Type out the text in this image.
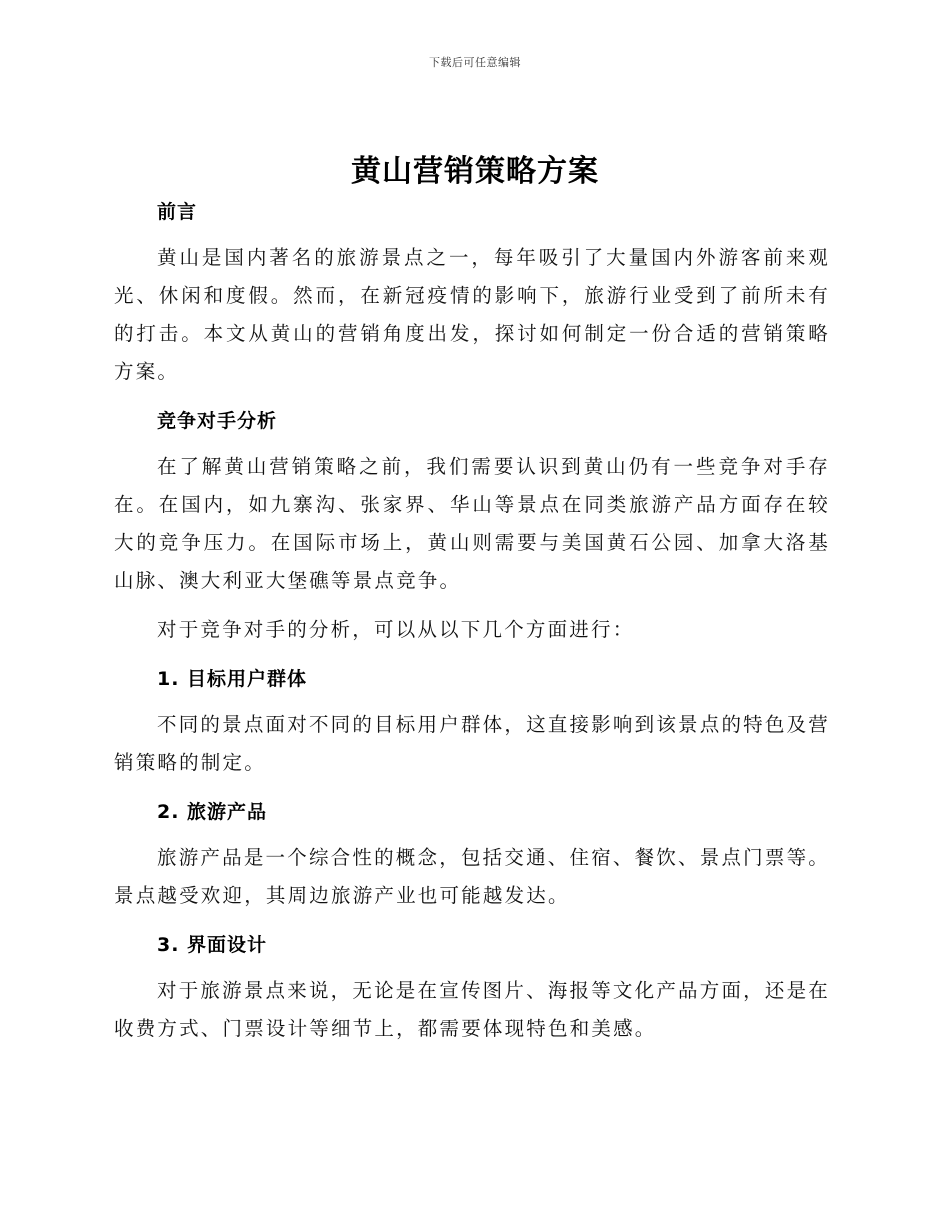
下载后可任意编辑
黄山营销策略方案
前言

黄山是国内著名的旅游景点之一，每年吸引了大量国内外游客前来观光、休闲和度假。然而，在新冠疫情的影响下，旅游行业受到了前所未有的打击。本文从黄山的营销角度出发，探讨如何制定一份合适的营销策略方案。

竞争对手分析

在了解黄山营销策略之前，我们需要认识到黄山仍有一些竞争对手存在。在国内，如九寨沟、张家界、华山等景点在同类旅游产品方面存在较大的竞争压力。在国际市场上，黄山则需要与美国黄石公园、加拿大洛基山脉、澳大利亚大堡礁等景点竞争。

对于竞争对手的分析，可以从以下几个方面进行：

1. 目标用户群体

不同的景点面对不同的目标用户群体，这直接影响到该景点的特色及营销策略的制定。

2. 旅游产品

旅游产品是一个综合性的概念，包括交通、住宿、餐饮、景点门票等。景点越受欢迎，其周边旅游产业也可能越发达。

3. 界面设计

对于旅游景点来说，无论是在宣传图片、海报等文化产品方面，还是在收费方式、门票设计等细节上，都需要体现特色和美感。
